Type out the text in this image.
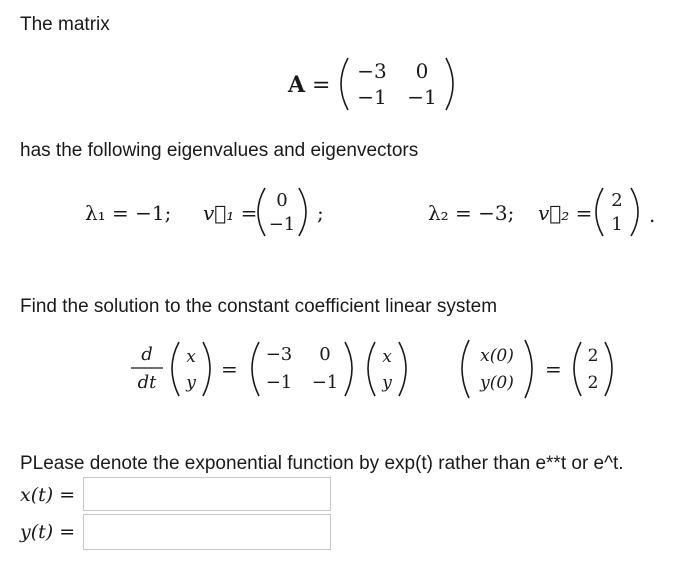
The matrix
A =
−3 0
−1 −1
has the following eigenvalues and eigenvectors
λ₁ = −1; v⃗₁ =
0
−1 ;	λ₂ = −3; v⃗₂ =
2
1 .
Find the solution to the constant coefficient linear system
d
dt
x
y
=
−3 0
−1 −1
x
y
x(0)
y(0)
=
2
2
PLease denote the exponential function by exp(t) rather than e**t or e^t.
x(t) =
y(t) =
